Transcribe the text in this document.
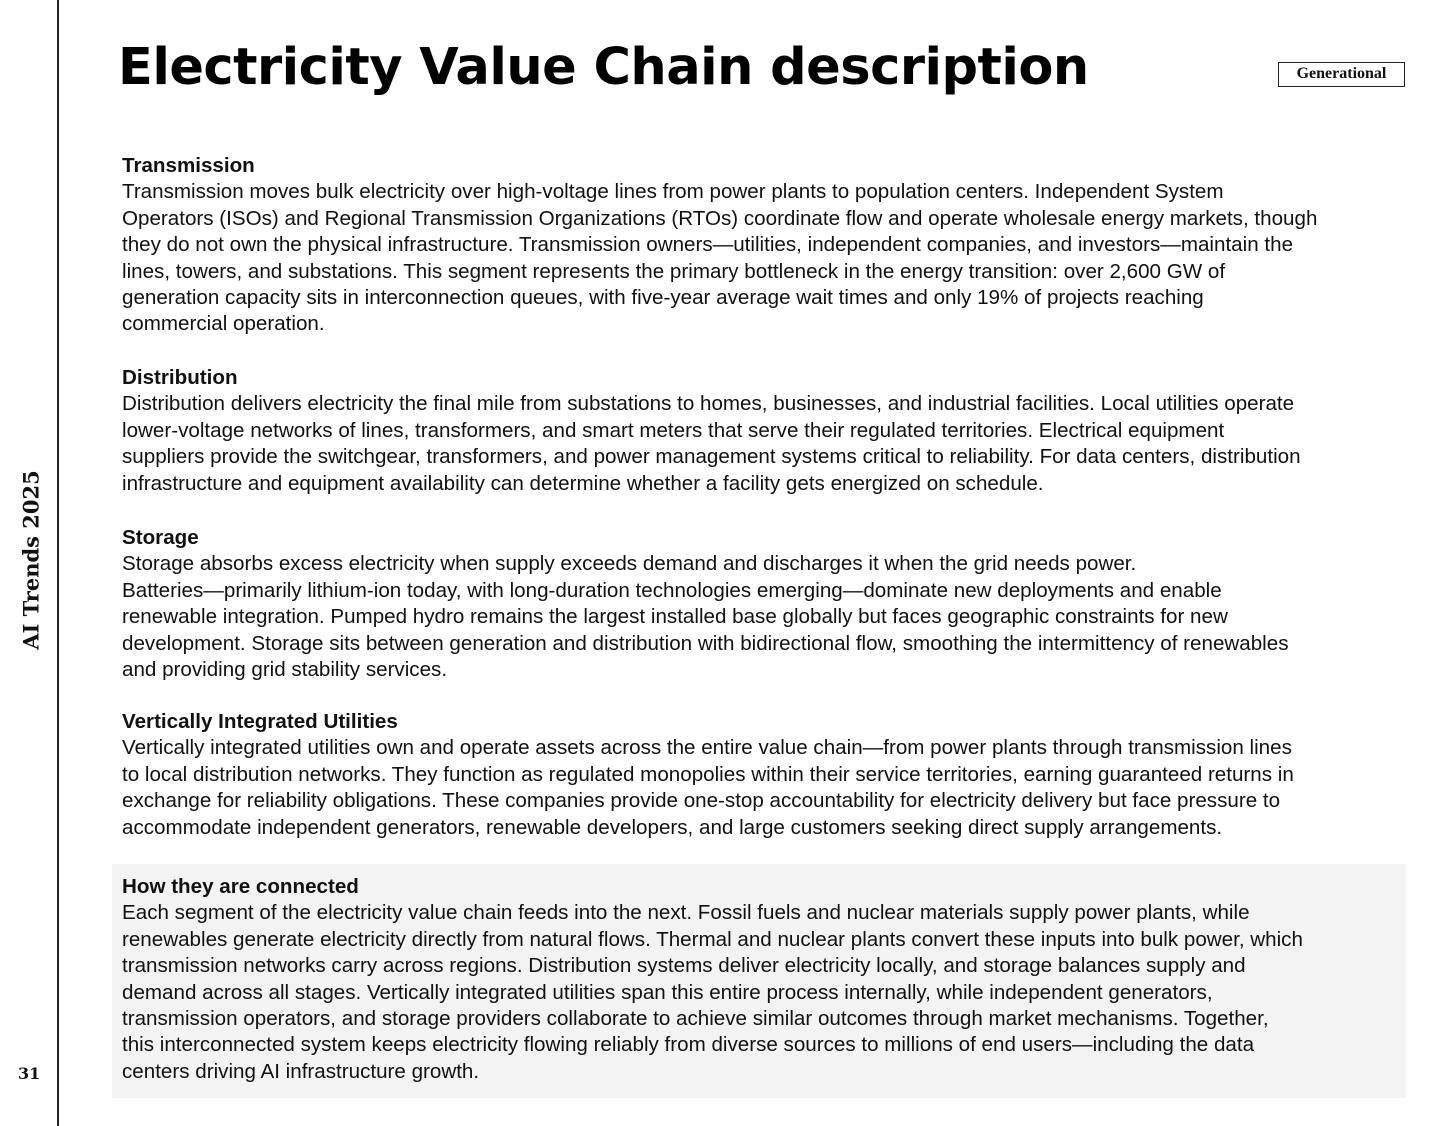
AI Trends 2025
31
Electricity Value Chain description	Generational
Transmission
Transmission moves bulk electricity over high-voltage lines from power plants to population centers. Independent System
Operators (ISOs) and Regional Transmission Organizations (RTOs) coordinate flow and operate wholesale energy markets, though
they do not own the physical infrastructure. Transmission owners—utilities, independent companies, and investors—maintain the
lines, towers, and substations. This segment represents the primary bottleneck in the energy transition: over 2,600 GW of
generation capacity sits in interconnection queues, with five-year average wait times and only 19% of projects reaching
commercial operation.
Distribution
Distribution delivers electricity the final mile from substations to homes, businesses, and industrial facilities. Local utilities operate
lower-voltage networks of lines, transformers, and smart meters that serve their regulated territories. Electrical equipment
suppliers provide the switchgear, transformers, and power management systems critical to reliability. For data centers, distribution
infrastructure and equipment availability can determine whether a facility gets energized on schedule.
Storage
Storage absorbs excess electricity when supply exceeds demand and discharges it when the grid needs power.
Batteries—primarily lithium-ion today, with long-duration technologies emerging—dominate new deployments and enable
renewable integration. Pumped hydro remains the largest installed base globally but faces geographic constraints for new
development. Storage sits between generation and distribution with bidirectional flow, smoothing the intermittency of renewables
and providing grid stability services.
Vertically Integrated Utilities
Vertically integrated utilities own and operate assets across the entire value chain—from power plants through transmission lines
to local distribution networks. They function as regulated monopolies within their service territories, earning guaranteed returns in
exchange for reliability obligations. These companies provide one-stop accountability for electricity delivery but face pressure to
accommodate independent generators, renewable developers, and large customers seeking direct supply arrangements.
How they are connected
Each segment of the electricity value chain feeds into the next. Fossil fuels and nuclear materials supply power plants, while
renewables generate electricity directly from natural flows. Thermal and nuclear plants convert these inputs into bulk power, which
transmission networks carry across regions. Distribution systems deliver electricity locally, and storage balances supply and
demand across all stages. Vertically integrated utilities span this entire process internally, while independent generators,
transmission operators, and storage providers collaborate to achieve similar outcomes through market mechanisms. Together,
this interconnected system keeps electricity flowing reliably from diverse sources to millions of end users—including the data
centers driving AI infrastructure growth.
